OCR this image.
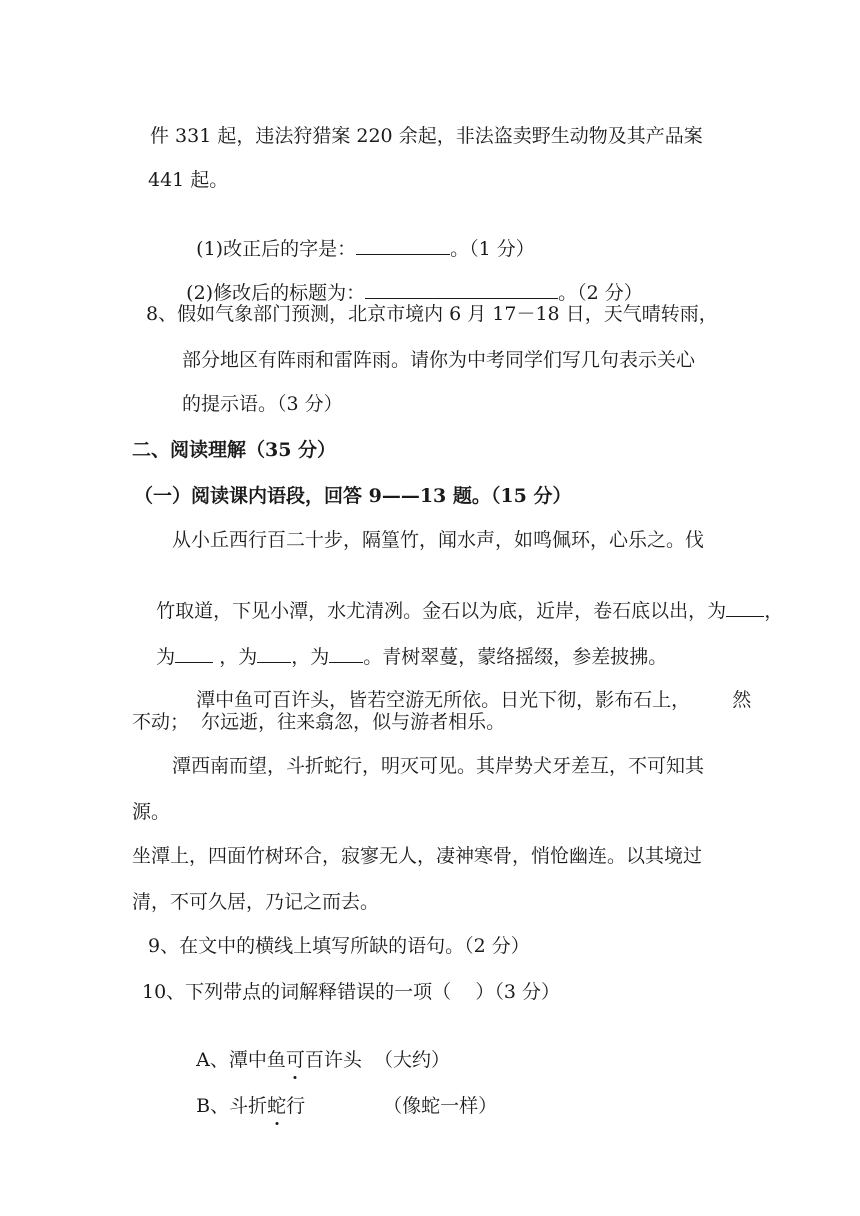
件 331 起，违法狩猎案 220 余起，非法盗卖野生动物及其产品案
441 起。

(1)改正后的字是：	。（1 分）

(2)修改后的标题为：	。（2 分）

8、假如气象部门预测，北京市境内 6 月 17－18 日，天气晴转雨，
部分地区有阵雨和雷阵雨。请你为中考同学们写几句表示关心
的提示语。（3 分）
二、阅读理解（35 分）
（一）阅读课内语段，回答 9——13 题。（15 分）
从小丘西行百二十步，隔篁竹，闻水声，如鸣佩环，心乐之。伐

竹取道，下见小潭，水尤清冽。金石以为底，近岸，卷石底以出，为 ，

为 ，为 ，为 。青树翠蔓，蒙络摇缀，参差披拂。

潭中鱼可百许头，皆若空游无所依。日光下彻，影布石上， 然

不动；  尔远逝，往来翕忽，似与游者相乐。
潭西南而望，斗折蛇行，明灭可见。其岸势犬牙差互，不可知其
源。
坐潭上，四面竹树环合，寂寥无人，凄神寒骨，悄怆幽连。以其境过
清，不可久居，乃记之而去。
9、在文中的横线上填写所缺的语句。（2 分）
10、下列带点的词解释错误的一项（    ）（3 分）

A、潭中鱼可百许头 （大约）

B、斗折蛇行	（像蛇一样）
